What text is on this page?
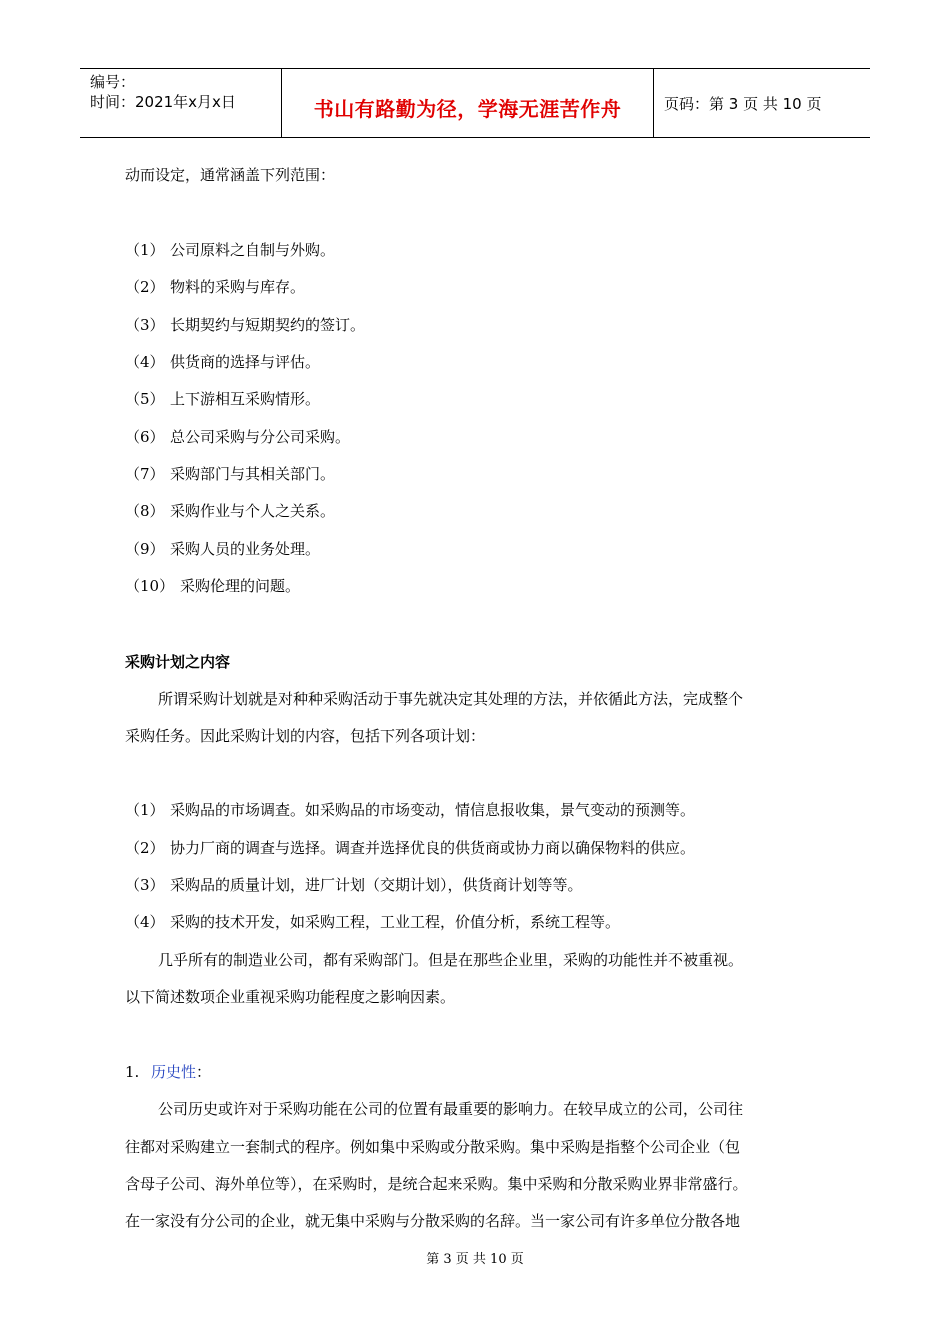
编号：
时间：2021年x月x日	书山有路勤为径，学海无涯苦作舟	页码：第 3 页 共 10 页
动而设定，通常涵盖下列范围：
（1） 公司原料之自制与外购。
（2） 物料的采购与库存。
（3） 长期契约与短期契约的签订。
（4） 供货商的选择与评估。
（5） 上下游相互采购情形。
（6） 总公司采购与分公司采购。
（7） 采购部门与其相关部门。
（8） 采购作业与个人之关系。
（9） 采购人员的业务处理。
（10） 采购伦理的问题。
采购计划之内容
所谓采购计划就是对种种采购活动于事先就决定其处理的方法，并依循此方法，完成整个
采购任务。因此采购计划的内容，包括下列各项计划：
（1） 采购品的市场调查。如采购品的市场变动，情信息报收集，景气变动的预测等。
（2） 协力厂商的调查与选择。调查并选择优良的供货商或协力商以确保物料的供应。
（3） 采购品的质量计划，进厂计划（交期计划），供货商计划等等。
（4） 采购的技术开发，如采购工程，工业工程，价值分析，系统工程等。
几乎所有的制造业公司，都有采购部门。但是在那些企业里，采购的功能性并不被重视。
以下简述数项企业重视采购功能程度之影响因素。
1. 历史性：
公司历史或许对于采购功能在公司的位置有最重要的影响力。在较早成立的公司，公司往
往都对采购建立一套制式的程序。例如集中采购或分散采购。集中采购是指整个公司企业（包
含母子公司、海外单位等），在采购时，是统合起来采购。集中采购和分散采购业界非常盛行。
在一家没有分公司的企业，就无集中采购与分散采购的名辞。当一家公司有许多单位分散各地
第 3 页 共 10 页
